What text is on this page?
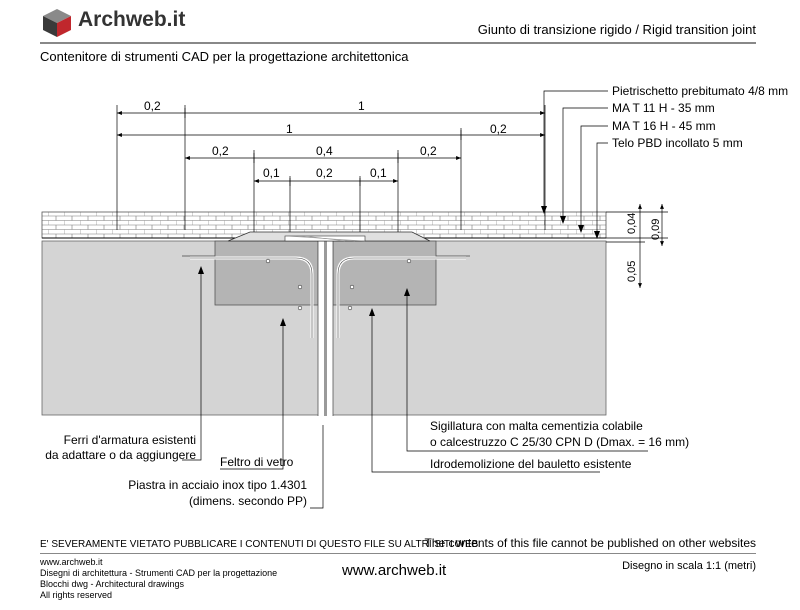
Archweb.it	Giunto di transizione rigido / Rigid transition joint
Contenitore di strumenti CAD per la progettazione architettonica
0,2	1
1	0,2
0,2	0,4	0,2
0,1	0,2	0,1
0,04 0,09
0,05
Pietrischetto prebitumato 4/8 mm
MA T 11 H - 35 mm
MA T 16 H - 45 mm
Telo PBD incollato 5 mm
Sigillatura con malta cementizia colabile
o calcestruzzo C 25/30 CPN D (Dmax. = 16 mm)
Idrodemolizione del bauletto esistente
Ferri d'armatura esistenti
da adattare o da aggiungere Feltro di vetro
Piastra in acciaio inox tipo 1.4301
(dimens. secondo PP)
E' SEVERAMENTE VIETATO PUBBLICARE I CONTENUTI DI QUESTO FILE SU ALTRI SITI WEB
The contents of this file cannot be published on other websites
www.archweb.it
Disegni di architettura - Strumenti CAD per la progettazione
Blocchi dwg - Architectural drawings
All rights reserved
www.archweb.it	Disegno in scala 1:1 (metri)
